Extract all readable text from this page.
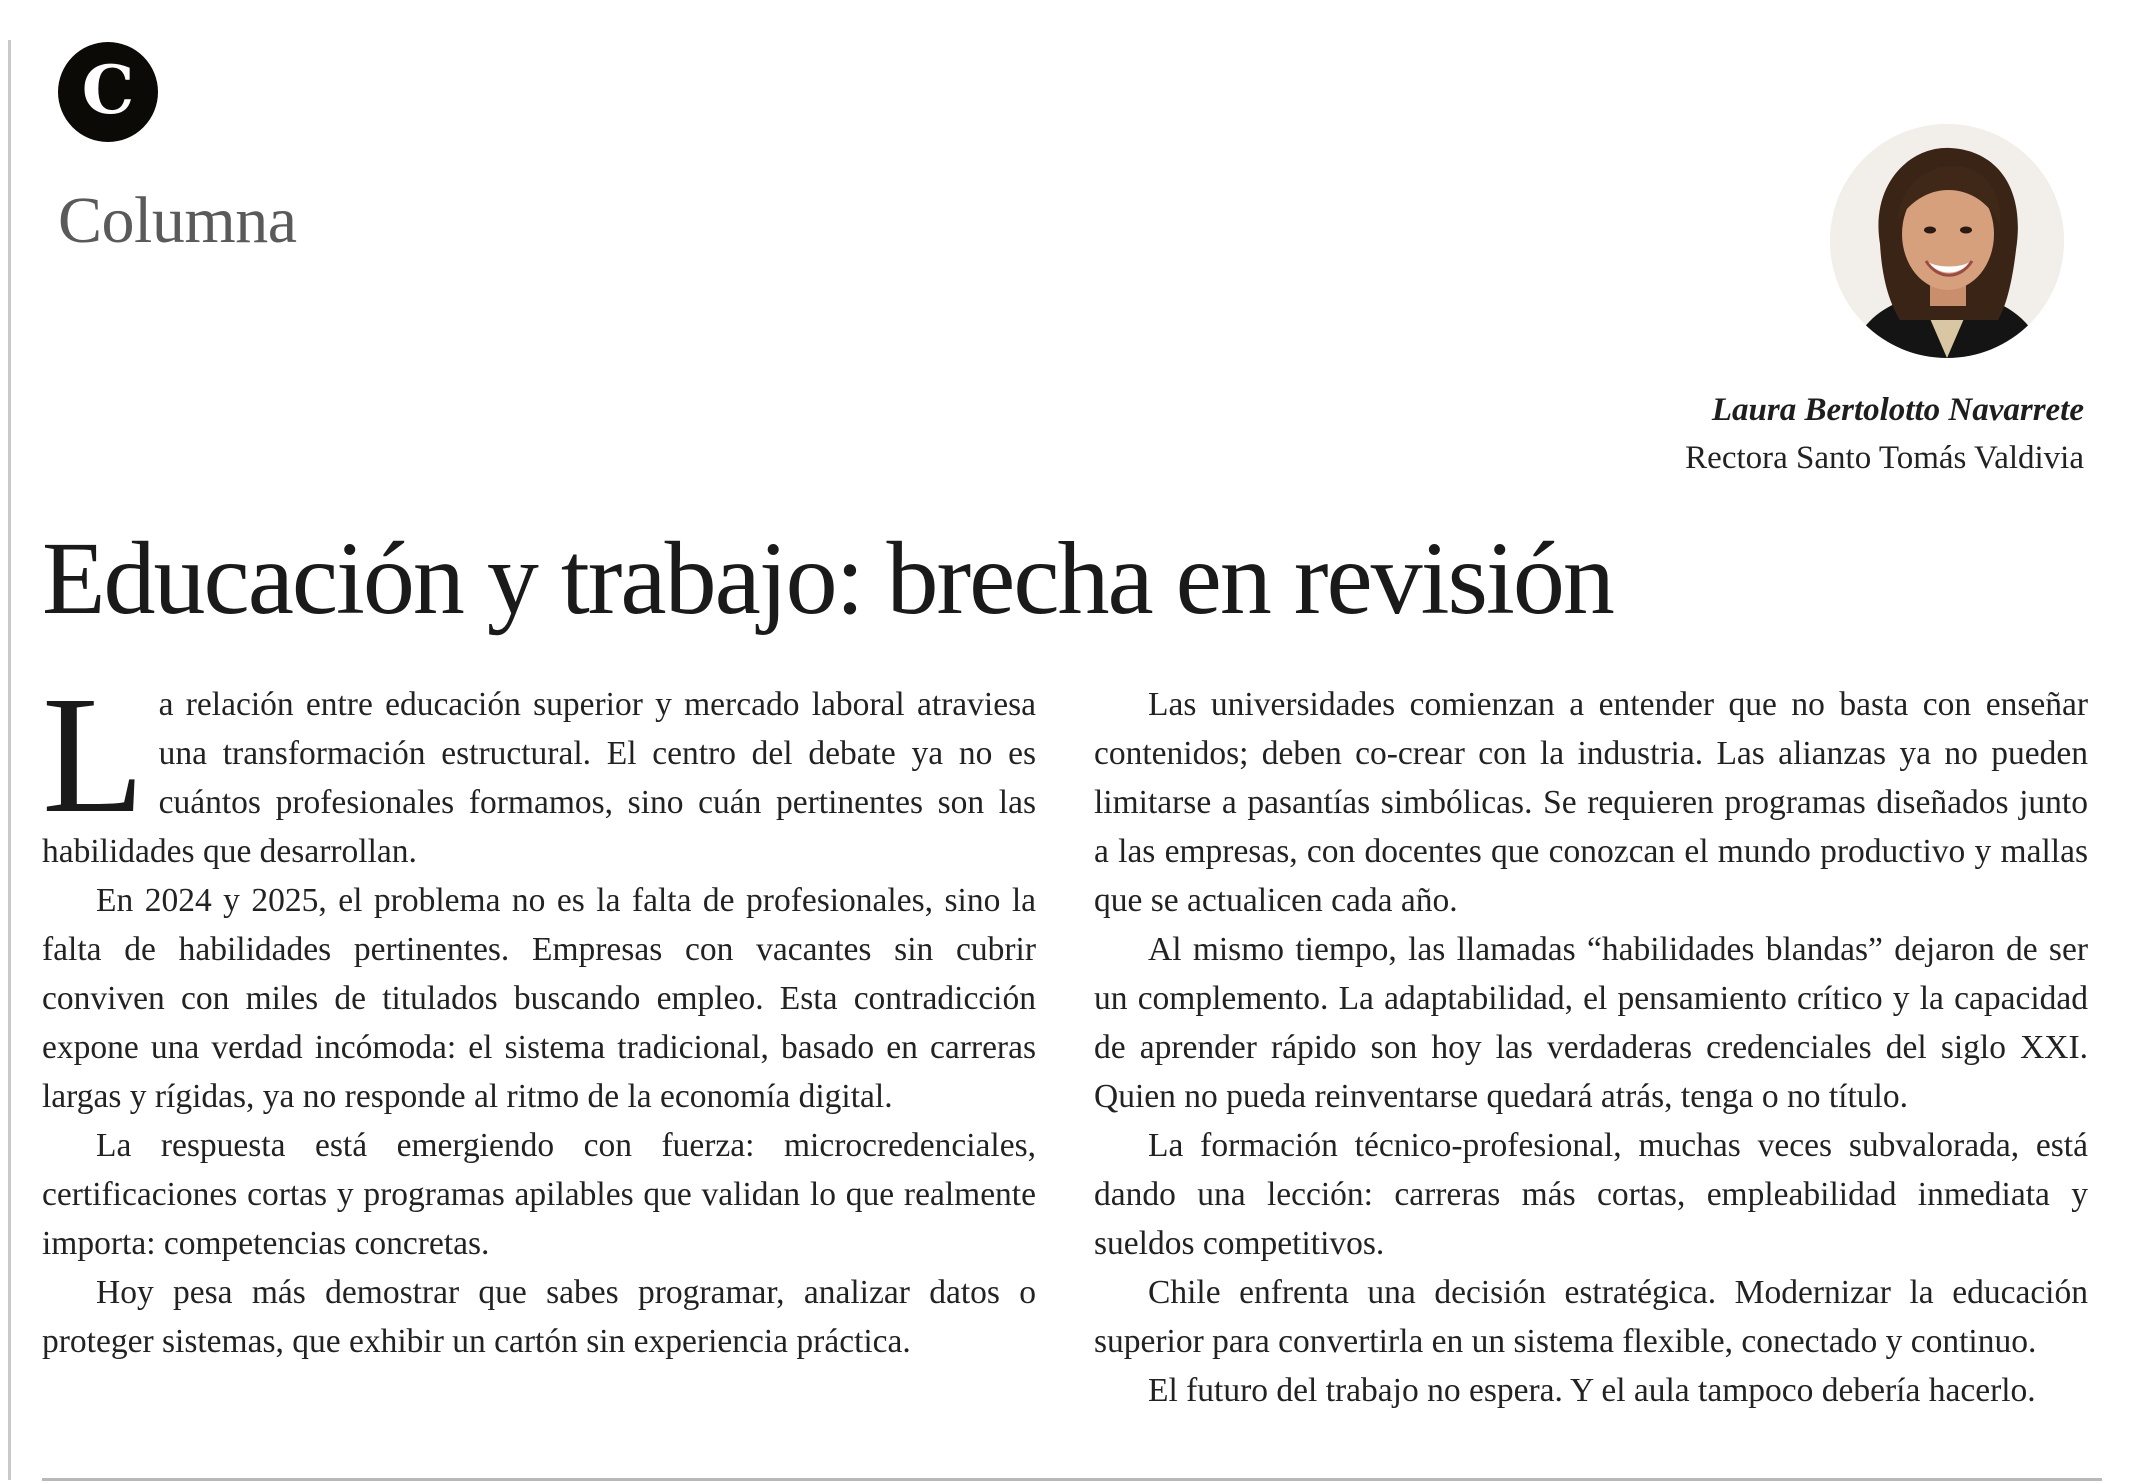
C
Columna
Laura Bertolotto Navarrete
Rectora Santo Tomás Valdivia
Educación y trabajo: brecha en revisión

La relación entre educación superior y mercado laboral atraviesa una transformación estructural. El centro del debate ya no es cuántos profesionales formamos, sino cuán pertinentes son las habilidades que desarrollan.

En 2024 y 2025, el problema no es la falta de profesionales, sino la falta de habilidades pertinentes. Empresas con vacantes sin cubrir conviven con miles de titulados buscando empleo. Esta contradicción expone una verdad incómoda: el sistema tradicional, basado en carreras largas y rígidas, ya no responde al ritmo de la economía digital.

La respuesta está emergiendo con fuerza: microcredenciales, certificaciones cortas y programas apilables que validan lo que realmente importa: competencias concretas.

Hoy pesa más demostrar que sabes programar, analizar datos o proteger sistemas, que exhibir un cartón sin experiencia práctica.

Las universidades comienzan a entender que no basta con enseñar contenidos; deben co-crear con la industria. Las alianzas ya no pueden limitarse a pasantías simbólicas. Se requieren programas diseñados junto a las empresas, con docentes que conozcan el mundo productivo y mallas que se actualicen cada año.

Al mismo tiempo, las llamadas “habilidades blandas” dejaron de ser un complemento. La adaptabilidad, el pensamiento crítico y la capacidad de aprender rápido son hoy las verdaderas credenciales del siglo XXI. Quien no pueda reinventarse quedará atrás, tenga o no título.

La formación técnico-profesional, muchas veces subvalorada, está dando una lección: carreras más cortas, empleabilidad inmediata y sueldos competitivos.

Chile enfrenta una decisión estratégica. Modernizar la educación superior para convertirla en un sistema flexible, conectado y continuo.

El futuro del trabajo no espera. Y el aula tampoco debería hacerlo.
